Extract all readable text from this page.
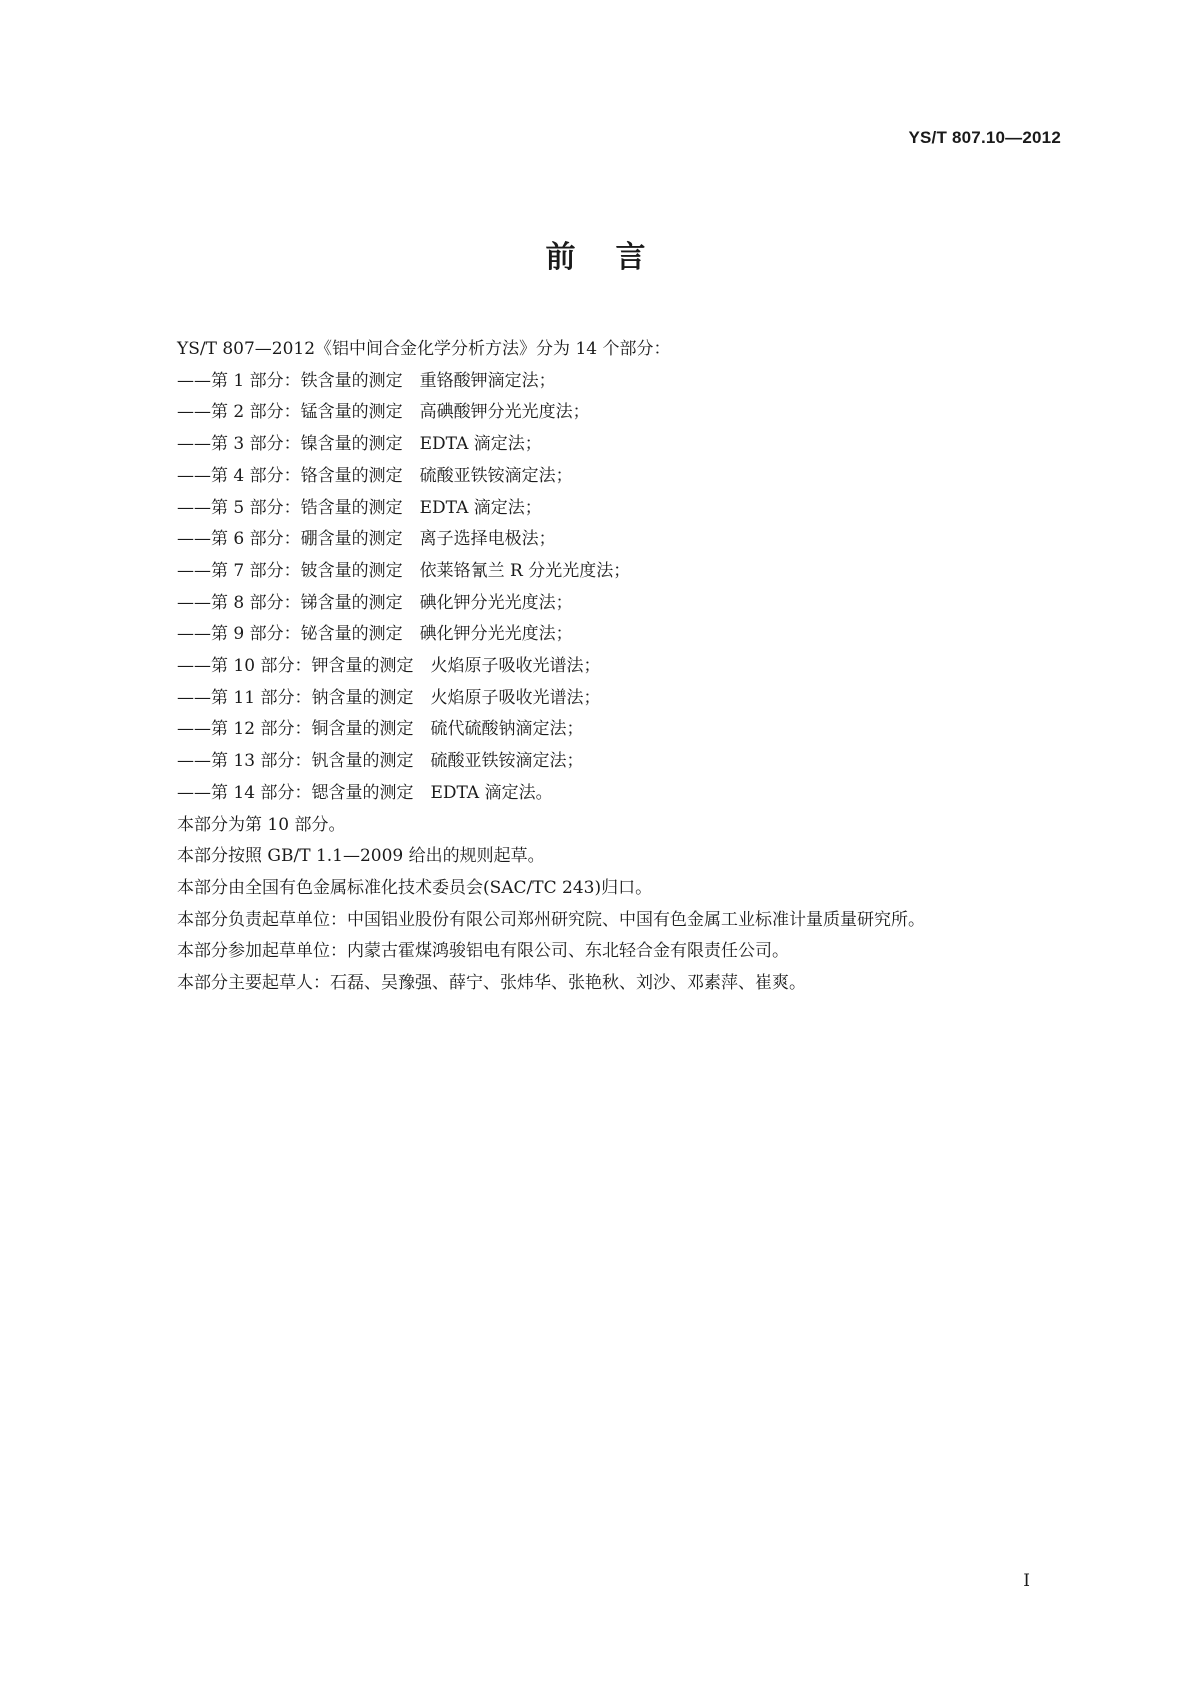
YS/T 807.10—2012
前言

YS/T 807—2012《铝中间合金化学分析方法》分为 14 个部分：

——第 1 部分：铁含量的测定　重铬酸钾滴定法；
——第 2 部分：锰含量的测定　高碘酸钾分光光度法；
——第 3 部分：镍含量的测定　EDTA 滴定法；
——第 4 部分：铬含量的测定　硫酸亚铁铵滴定法；
——第 5 部分：锆含量的测定　EDTA 滴定法；
——第 6 部分：硼含量的测定　离子选择电极法；
——第 7 部分：铍含量的测定　依莱铬氰兰 R 分光光度法；
——第 8 部分：锑含量的测定　碘化钾分光光度法；
——第 9 部分：铋含量的测定　碘化钾分光光度法；
——第 10 部分：钾含量的测定　火焰原子吸收光谱法；
——第 11 部分：钠含量的测定　火焰原子吸收光谱法；
——第 12 部分：铜含量的测定　硫代硫酸钠滴定法；
——第 13 部分：钒含量的测定　硫酸亚铁铵滴定法；
——第 14 部分：锶含量的测定　EDTA 滴定法。

本部分为第 10 部分。

本部分按照 GB/T 1.1—2009 给出的规则起草。

本部分由全国有色金属标准化技术委员会(SAC/TC 243)归口。

本部分负责起草单位：中国铝业股份有限公司郑州研究院、中国有色金属工业标准计量质量研究所。

本部分参加起草单位：内蒙古霍煤鸿骏铝电有限公司、东北轻合金有限责任公司。

本部分主要起草人：石磊、吴豫强、薛宁、张炜华、张艳秋、刘沙、邓素萍、崔爽。

I
